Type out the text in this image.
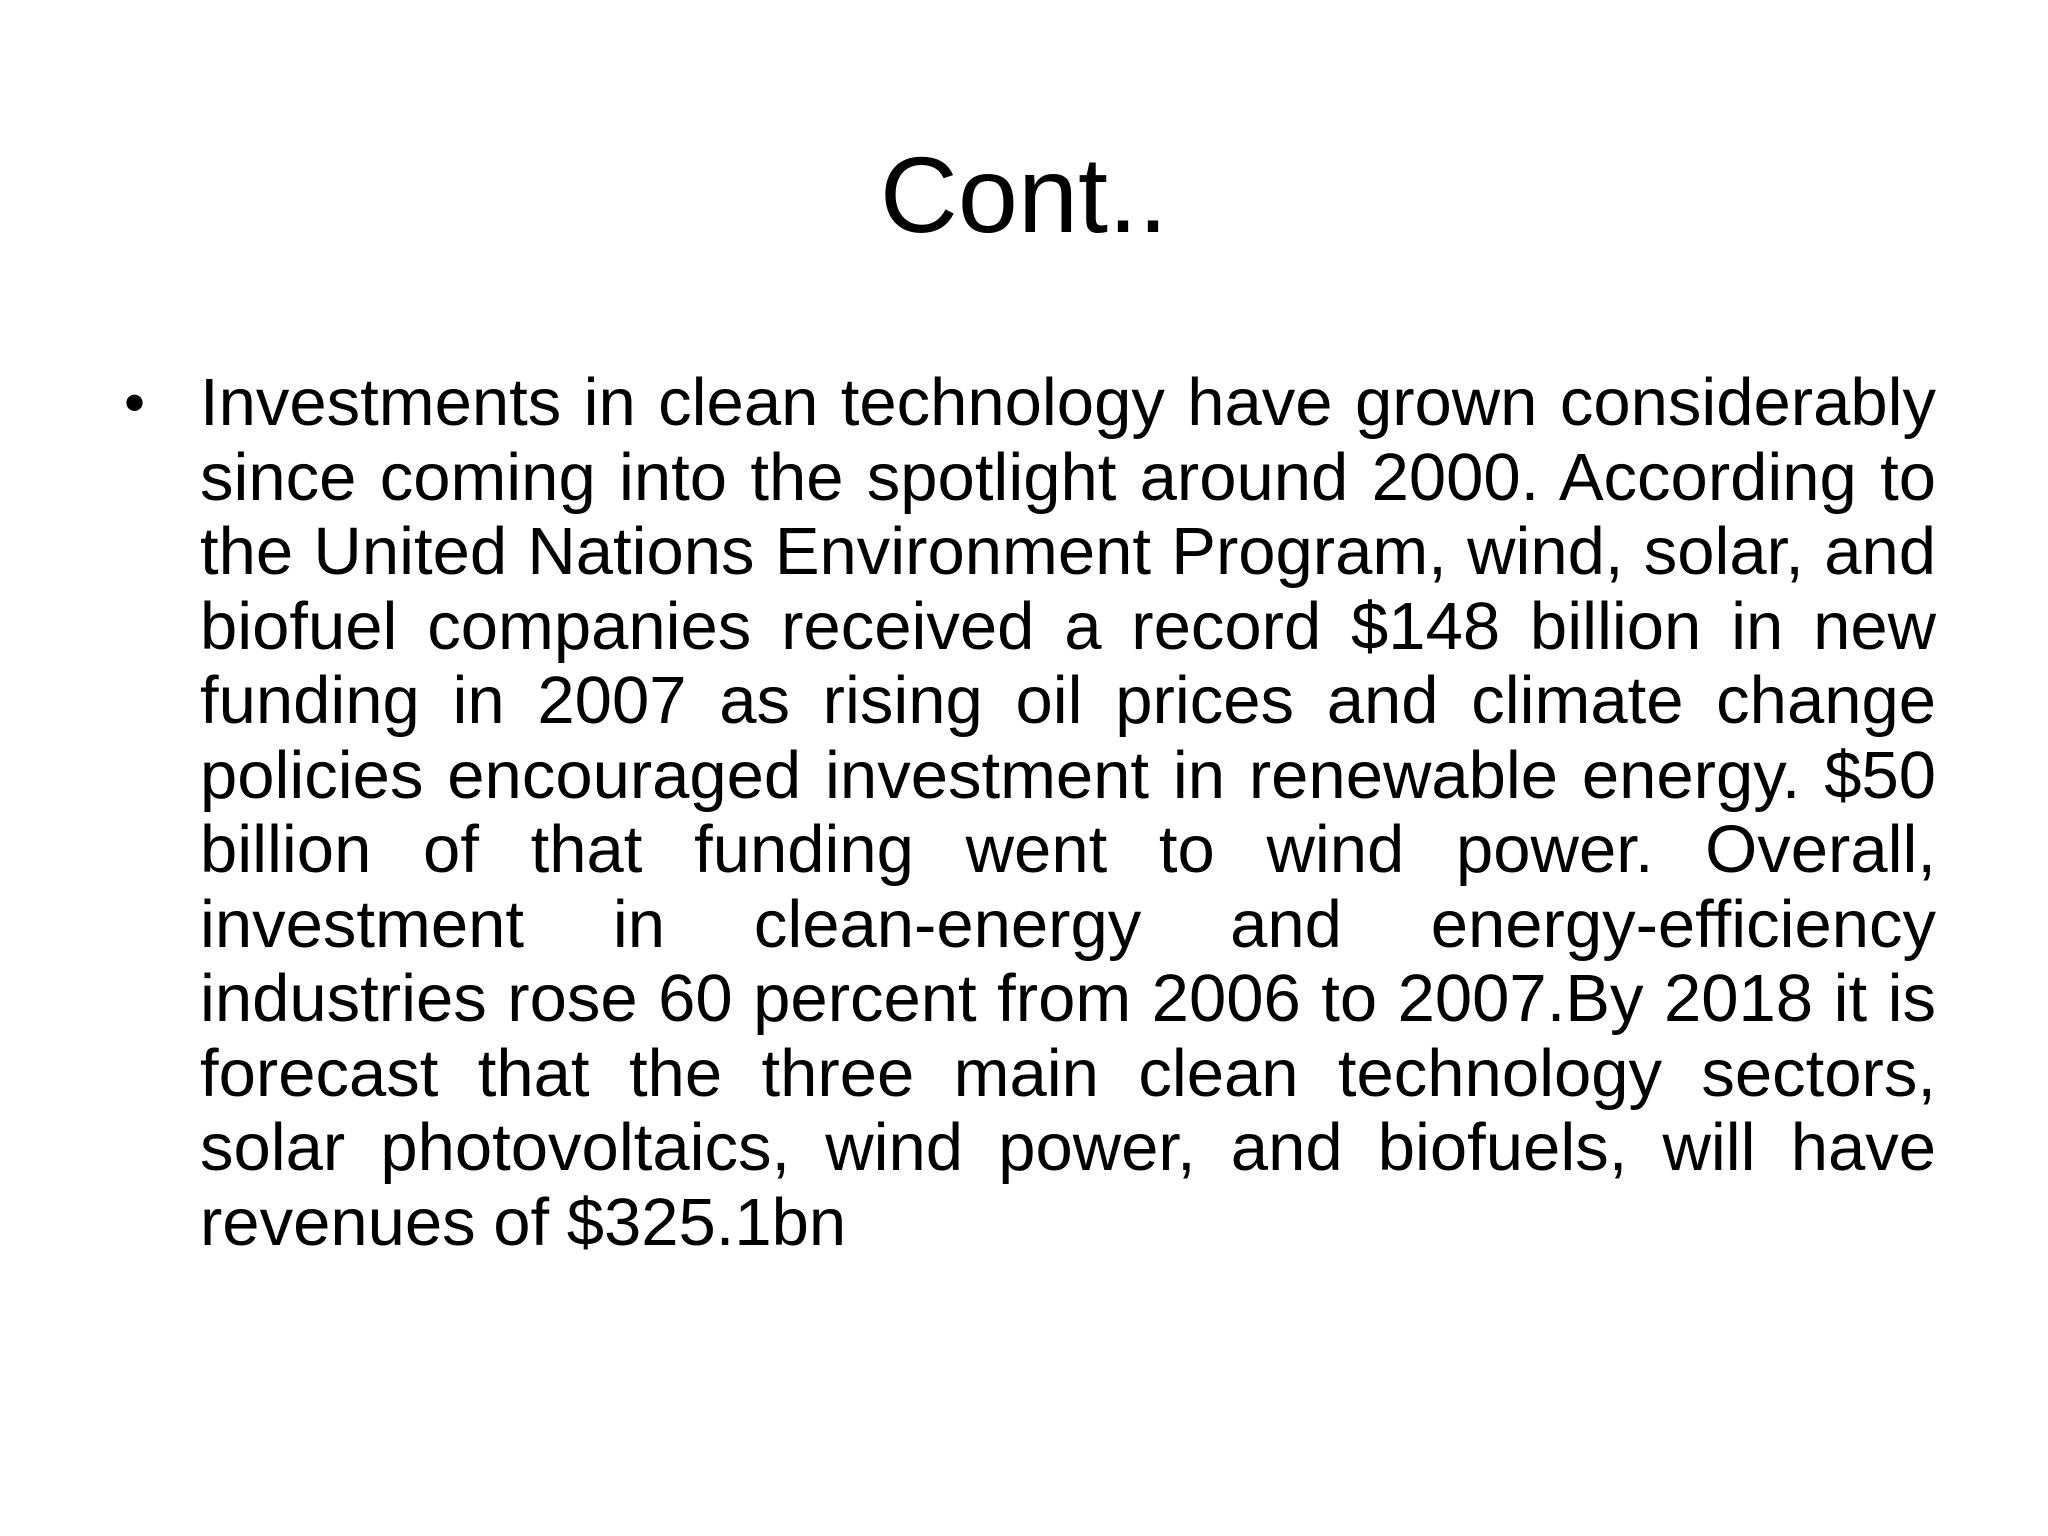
Cont..
• Investments in clean technology have grown considerably since coming into the spotlight around 2000. According to the United Nations Environment Program, wind, solar, and biofuel companies received a record $148 billion in new funding in 2007 as rising oil prices and climate change policies encouraged investment in renewable energy. $50 billion of that funding went to wind power. Overall, investment in clean-energy and energy-efficiency industries rose 60 percent from 2006 to 2007.By 2018 it is forecast that the three main clean technology sectors, solar photovoltaics, wind power, and biofuels, will have revenues of $325.1bn
